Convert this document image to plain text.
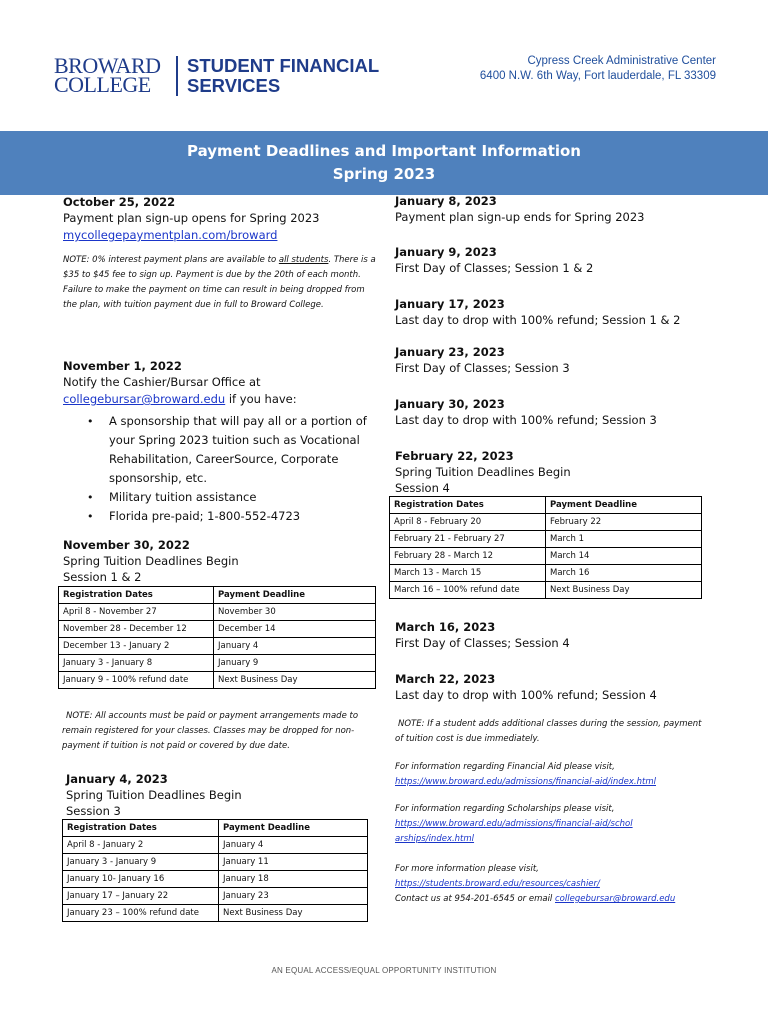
BROWARD
COLLEGE
STUDENT FINANCIAL
SERVICES
Cypress Creek Administrative Center
6400 N.W. 6th Way, Fort lauderdale, FL 33309
Payment Deadlines and Important Information
Spring 2023
October 25, 2022
Payment plan sign-up opens for Spring 2023
mycollegepaymentplan.com/broward
NOTE: 0% interest payment plans are available to all students. There is a $35 to $45 fee to sign up. Payment is due by the 20th of each month. Failure to make the payment on time can result in being dropped from the plan, with tuition payment due in full to Broward College.
November 1, 2022
Notify the Cashier/Bursar Office at
collegebursar@broward.edu if you have:
• A sponsorship that will pay all or a portion of your Spring 2023 tuition such as Vocational Rehabilitation, CareerSource, Corporate sponsorship, etc.
• Military tuition assistance
• Florida pre-paid; 1-800-552-4723
November 30, 2022
Spring Tuition Deadlines Begin
Session 1 & 2
Registration Dates	Payment Deadline
April 8 - November 27	November 30
November 28 - December 12	December 14
December 13 - January 2	January 4
January 3 - January 8	January 9
January 9 - 100% refund date	Next Business Day
NOTE: All accounts must be paid or payment arrangements made to remain registered for your classes. Classes may be dropped for non-payment if tuition is not paid or covered by due date.
January 4, 2023
Spring Tuition Deadlines Begin
Session 3
Registration Dates	Payment Deadline
April 8 - January 2	January 4
January 3 - January 9	January 11
January 10- January 16	January 18
January 17 – January 22	January 23
January 23 – 100% refund date	Next Business Day
January 8, 2023
Payment plan sign-up ends for Spring 2023
January 9, 2023
First Day of Classes; Session 1 & 2
January 17, 2023
Last day to drop with 100% refund; Session 1 & 2
January 23, 2023
First Day of Classes; Session 3
January 30, 2023
Last day to drop with 100% refund; Session 3
February 22, 2023
Spring Tuition Deadlines Begin
Session 4
Registration Dates	Payment Deadline
April 8 - February 20	February 22
February 21 - February 27	March 1
February 28 - March 12	March 14
March 13 - March 15	March 16
March 16 – 100% refund date	Next Business Day
March 16, 2023
First Day of Classes; Session 4
March 22, 2023
Last day to drop with 100% refund; Session 4
NOTE: If a student adds additional classes during the session, payment of tuition cost is due immediately.
For information regarding Financial Aid please visit,
https://www.broward.edu/admissions/financial-aid/index.html
For information regarding Scholarships please visit,
https://www.broward.edu/admissions/financial-aid/scholarships/index.html
For more information please visit,
https://students.broward.edu/resources/cashier/
Contact us at 954-201-6545 or email collegebursar@broward.edu
AN EQUAL ACCESS/EQUAL OPPORTUNITY INSTITUTION
